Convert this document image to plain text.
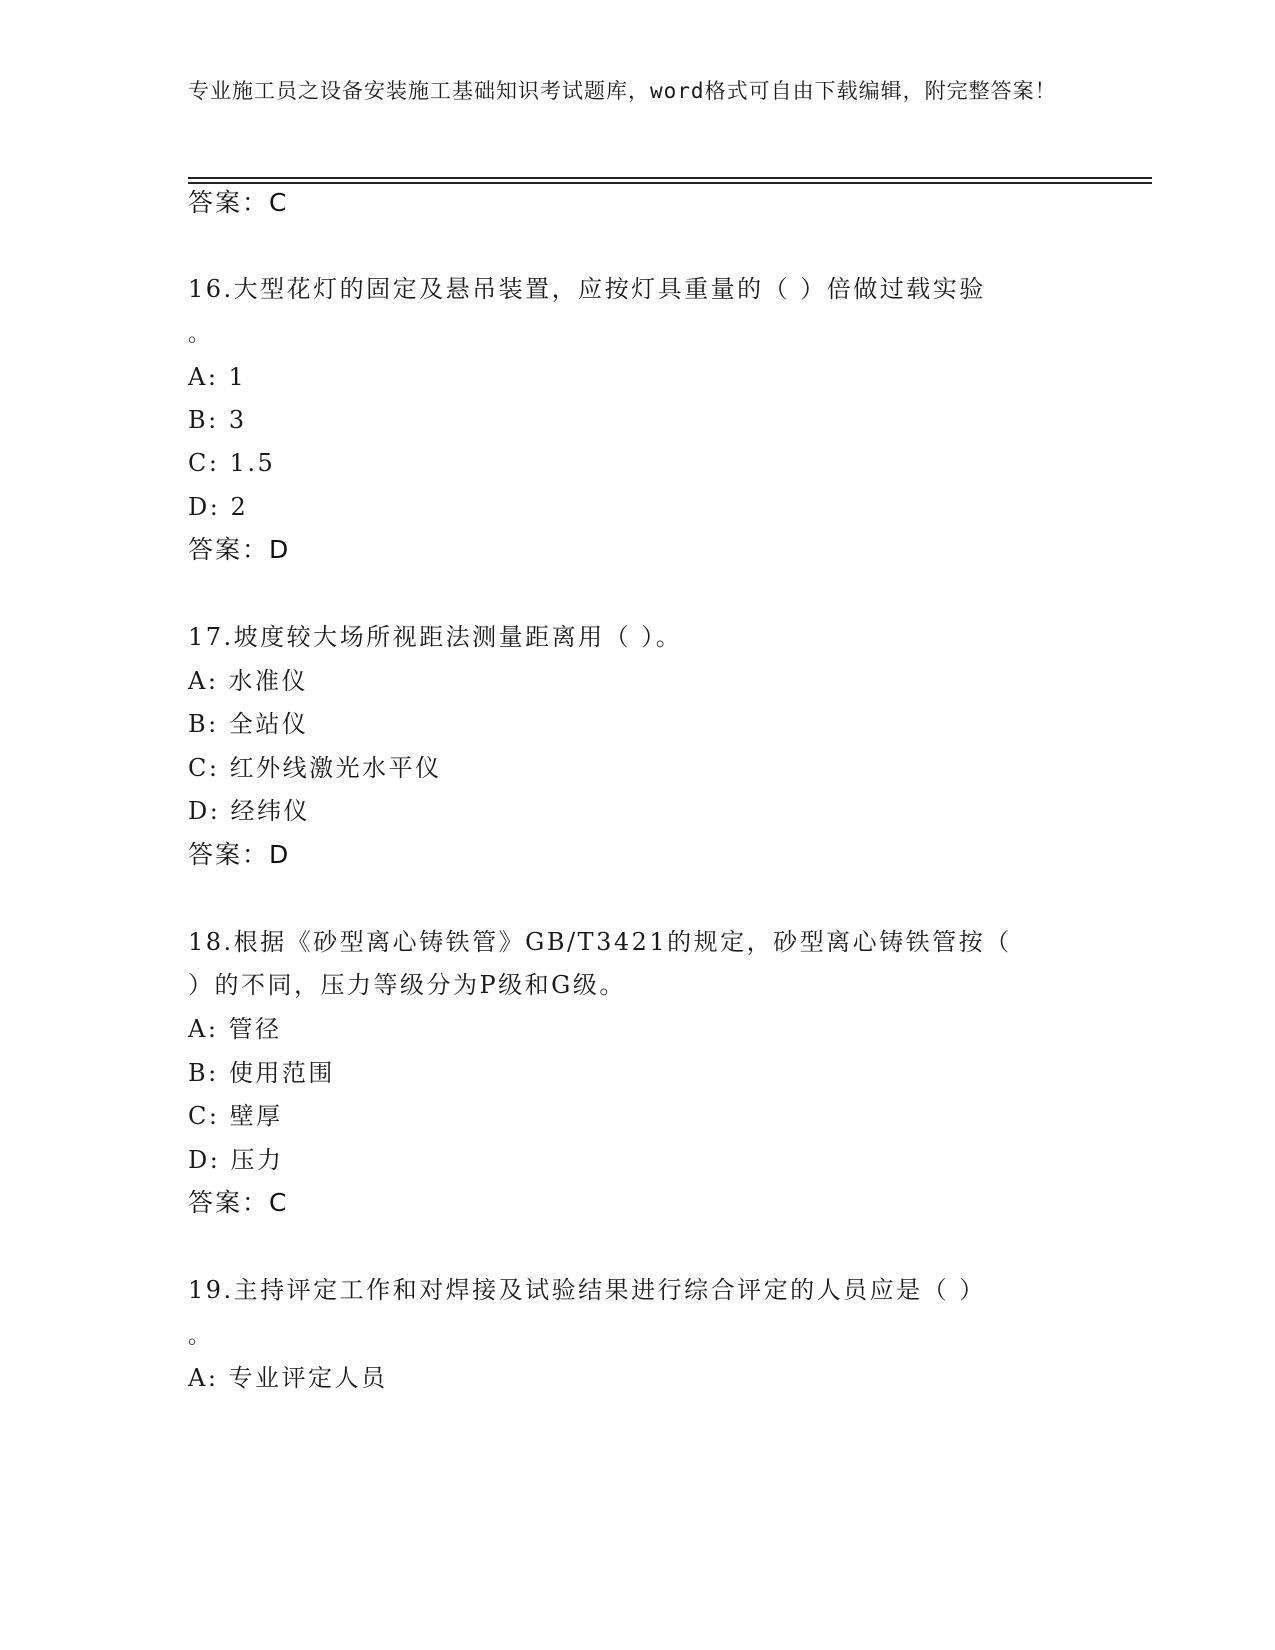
专业施工员之设备安装施工基础知识考试题库，word格式可自由下载编辑，附完整答案！
答案：C
16.大型花灯的固定及悬吊装置，应按灯具重量的（ ）倍做过载实验
。
A: 1
B: 3
C: 1.5
D: 2
答案：D
17.坡度较大场所视距法测量距离用（ ）。
A: 水准仪
B: 全站仪
C: 红外线激光水平仪
D: 经纬仪
答案：D
18.根据《砂型离心铸铁管》GB/T3421的规定，砂型离心铸铁管按（
）的不同，压力等级分为P级和G级。
A: 管径
B: 使用范围
C: 壁厚
D: 压力
答案：C
19.主持评定工作和对焊接及试验结果进行综合评定的人员应是（ ）
。
A: 专业评定人员
